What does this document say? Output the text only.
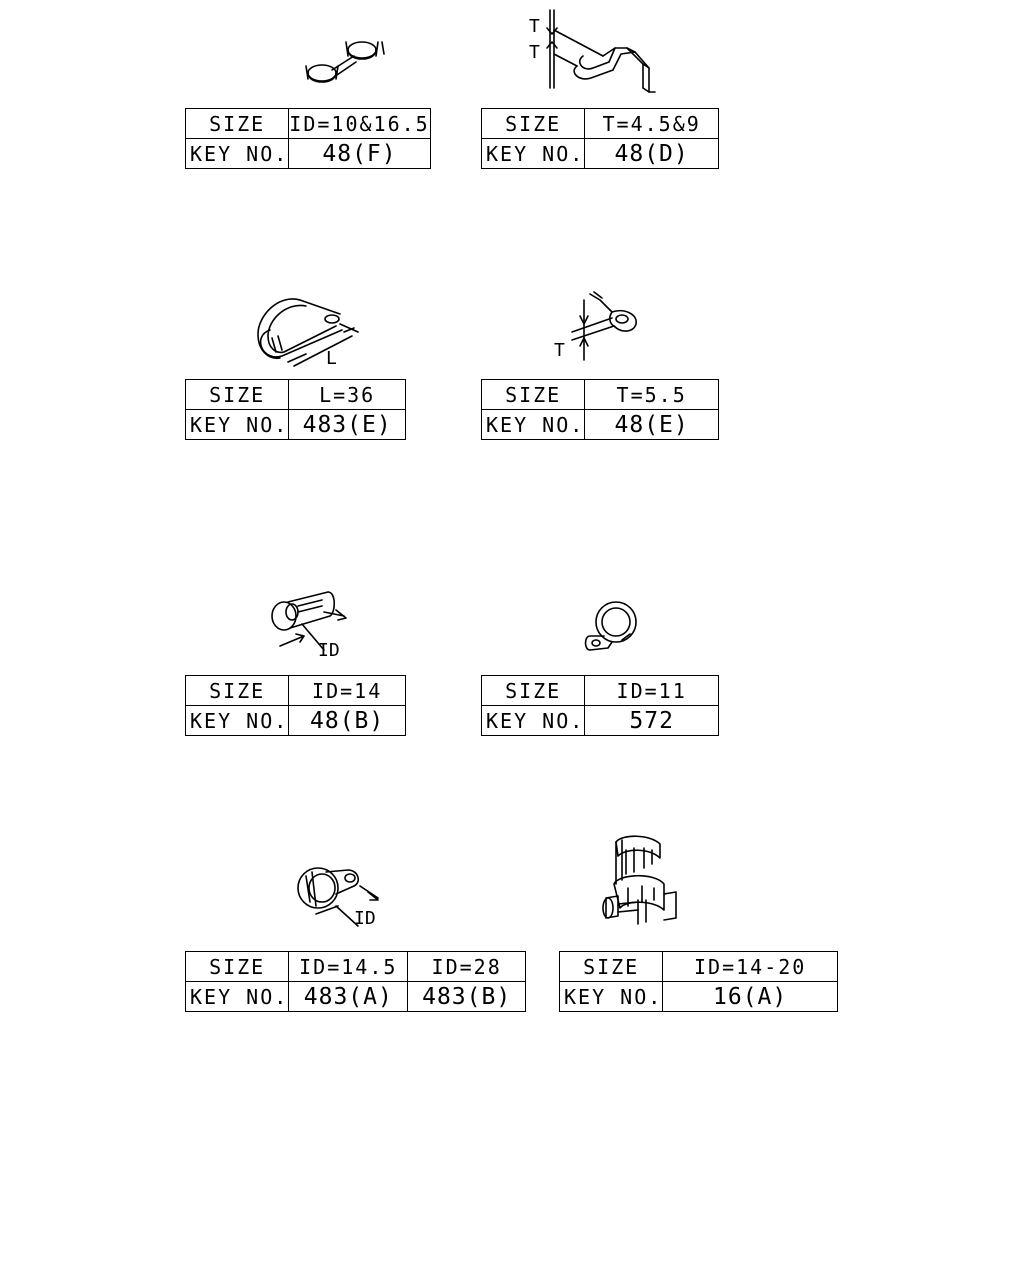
SIZE	ID=10&16.5
KEY NO.	48(F)
T
T
SIZE	T=4.5&9
KEY NO.	48(D)
L
SIZE	L=36
KEY NO.	483(E)
T
SIZE	T=5.5
KEY NO.	48(E)
ID
SIZE	ID=14
KEY NO.	48(B)
SIZE	ID=11
KEY NO.	572
ID
SIZE	ID=14.5	ID=28
KEY NO.	483(A)	483(B)
SIZE	ID=14-20
KEY NO.	16(A)
